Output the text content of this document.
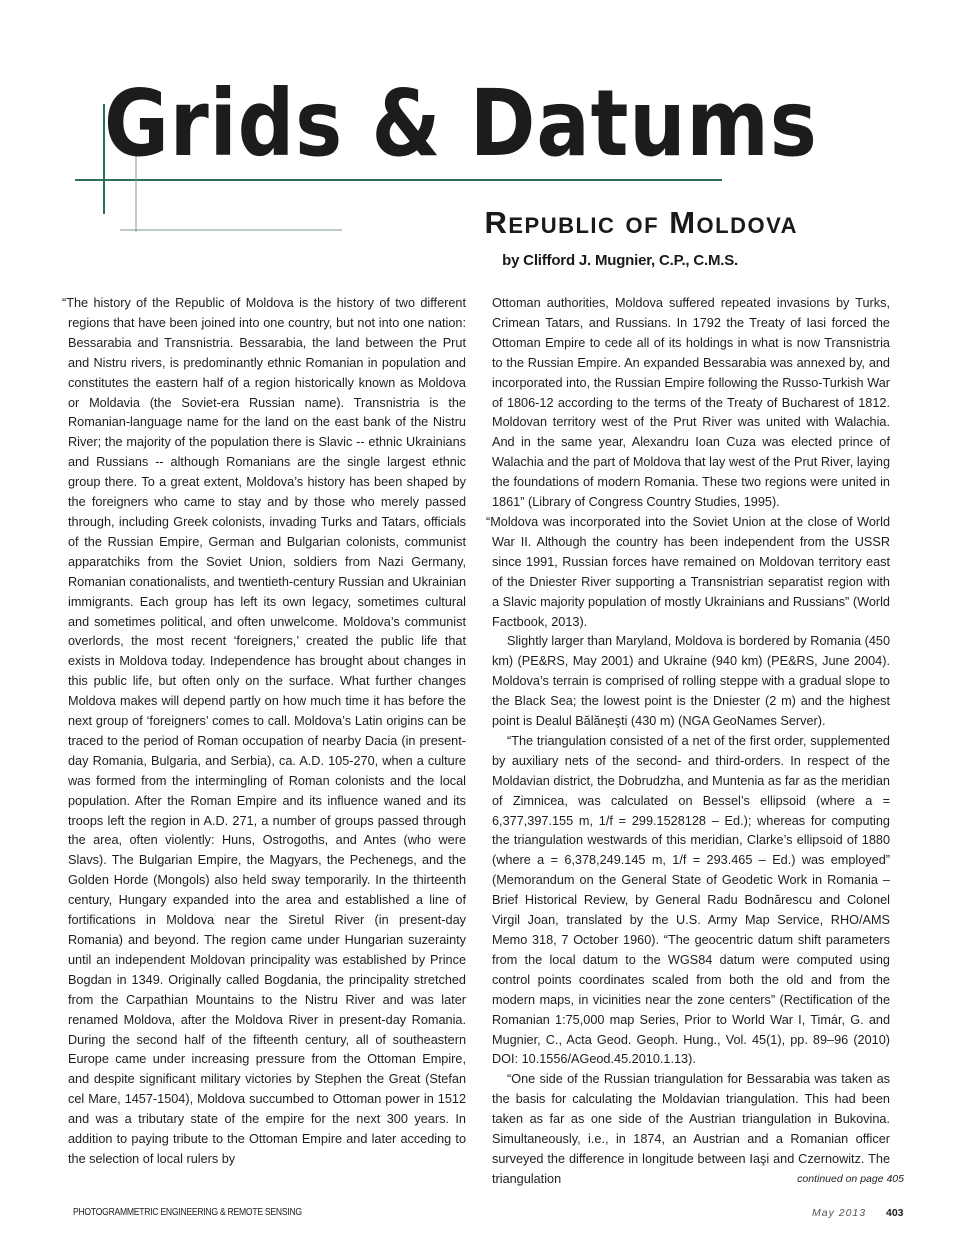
Grids & Datums
Republic of Moldova
by Clifford J. Mugnier, C.P., C.M.S.

“The history of the Republic of Moldova is the history of two different regions that have been joined into one country, but not into one nation: Bessarabia and Transnistria. Bessarabia, the land between the Prut and Nistru rivers, is predominantly ethnic Romanian in population and constitutes the eastern half of a region historically known as Moldova or Moldavia (the Soviet-era Russian name). Transnistria is the Romanian-language name for the land on the east bank of the Nistru River; the majority of the population there is Slavic -- ethnic Ukrainians and Russians -- although Romanians are the single largest ethnic group there. To a great extent, Moldova’s history has been shaped by the foreigners who came to stay and by those who merely passed through, including Greek colonists, invading Turks and Tatars, officials of the Russian Empire, German and Bulgarian colonists, communist apparatchiks from the Soviet Union, soldiers from Nazi Germany, Romanian conationalists, and twentieth-century Russian and Ukrainian immigrants. Each group has left its own legacy, sometimes cultural and sometimes political, and often unwelcome. Moldova’s communist overlords, the most recent ‘foreigners,’ created the public life that exists in Moldova today. Independence has brought about changes in this public life, but often only on the surface. What further changes Moldova makes will depend partly on how much time it has before the next group of ‘foreigners’ comes to call. Moldova’s Latin origins can be traced to the period of Roman occupation of nearby Dacia (in present-day Romania, Bulgaria, and Serbia), ca. A.D. 105-270, when a culture was formed from the intermingling of Roman colonists and the local population. After the Roman Empire and its influence waned and its troops left the region in A.D. 271, a number of groups passed through the area, often violently: Huns, Ostrogoths, and Antes (who were Slavs). The Bulgarian Empire, the Magyars, the Pechenegs, and the Golden Horde (Mongols) also held sway temporarily. In the thirteenth century, Hungary expanded into the area and established a line of fortifications in Moldova near the Siretul River (in present-day Romania) and beyond. The region came under Hungarian suzerainty until an independent Moldovan principality was established by Prince Bogdan in 1349. Originally called Bogdania, the principality stretched from the Carpathian Mountains to the Nistru River and was later renamed Moldova, after the Moldova River in present-day Romania. During the second half of the fifteenth century, all of southeastern Europe came under increasing pressure from the Ottoman Empire, and despite significant military victories by Stephen the Great (Stefan cel Mare, 1457-1504), Moldova succumbed to Ottoman power in 1512 and was a tributary state of the empire for the next 300 years. In addition to paying tribute to the Ottoman Empire and later acceding to the selection of local rulers by

Ottoman authorities, Moldova suffered repeated invasions by Turks, Crimean Tatars, and Russians. In 1792 the Treaty of Iasi forced the Ottoman Empire to cede all of its holdings in what is now Transnistria to the Russian Empire. An expanded Bessarabia was annexed by, and incorporated into, the Russian Empire following the Russo-Turkish War of 1806-12 according to the terms of the Treaty of Bucharest of 1812. Moldovan territory west of the Prut River was united with Walachia. And in the same year, Alexandru Ioan Cuza was elected prince of Walachia and the part of Moldova that lay west of the Prut River, laying the foundations of modern Romania. These two regions were united in 1861” (Library of Congress Country Studies, 1995).

“Moldova was incorporated into the Soviet Union at the close of World War II. Although the country has been independent from the USSR since 1991, Russian forces have remained on Moldovan territory east of the Dniester River supporting a Transnistrian separatist region with a Slavic majority population of mostly Ukrainians and Russians” (World Factbook, 2013).

Slightly larger than Maryland, Moldova is bordered by Romania (450 km) (PE&RS, May 2001) and Ukraine (940 km) (PE&RS, June 2004). Moldova’s terrain is comprised of rolling steppe with a gradual slope to the Black Sea; the lowest point is the Dniester (2 m) and the highest point is Dealul Bălăneşti (430 m) (NGA GeoNames Server).

“The triangulation consisted of a net of the first order, supplemented by auxiliary nets of the second- and third-orders. In respect of the Moldavian district, the Dobrudzha, and Muntenia as far as the meridian of Zimnicea, was calculated on Bessel’s ellipsoid (where a = 6,377,397.155 m, 1/f = 299.1528128 – Ed.); whereas for computing the triangulation westwards of this meridian, Clarke’s ellipsoid of 1880 (where a = 6,378,249.145 m, 1/f = 293.465 – Ed.) was employed” (Memorandum on the General State of Geodetic Work in Romania – Brief Historical Review, by General Radu Bodnărescu and Colonel Virgil Joan, translated by the U.S. Army Map Service, RHO/AMS Memo 318, 7 October 1960). “The geocentric datum shift parameters from the local datum to the WGS84 datum were computed using control points coordinates scaled from both the old and from the modern maps, in vicinities near the zone centers” (Rectification of the Romanian 1:75,000 map Series, Prior to World War I, Timár, G. and Mugnier, C., Acta Geod. Geoph. Hung., Vol. 45(1), pp. 89–96 (2010) DOI: 10.1556/AGeod.45.2010.1.13).

“One side of the Russian triangulation for Bessarabia was taken as the basis for calculating the Moldavian triangulation. This had been taken as far as one side of the Austrian triangulation in Bukovina. Simultaneously, i.e., in 1874, an Austrian and a Romanian officer surveyed the difference in longitude between Iaşi and Czernowitz. The triangulation	continued on page 405
PHOTOGRAMMETRIC ENGINEERING & REMOTE SENSING	May 2013 403
